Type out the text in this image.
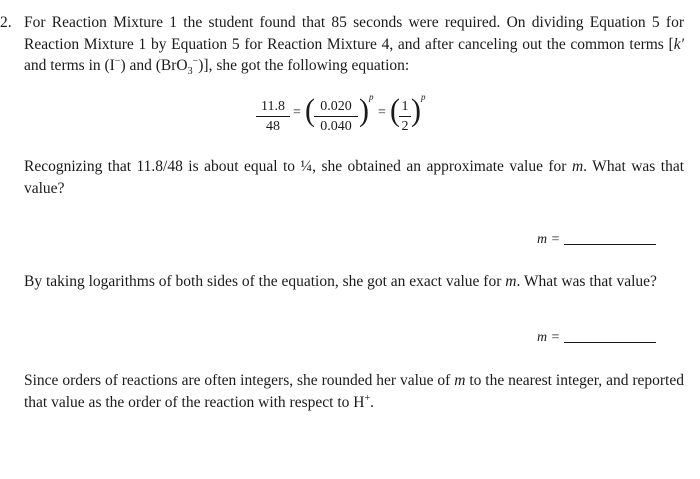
2. For Reaction Mixture 1 the student found that 85 seconds were required. On dividing Equation 5 for Reaction Mixture 1 by Equation 5 for Reaction Mixture 4, and after canceling out the common terms [k′ and terms in (I−) and (BrO$_3$−)], she got the following equation:
11.8
48
= ( 0.020
0.040 ) p
= ( 1
2 ) p
Recognizing that 11.8/48 is about equal to ¼, she obtained an approximate value for m. What was that value?
m =
By taking logarithms of both sides of the equation, she got an exact value for m. What was that value?
m =
Since orders of reactions are often integers, she rounded her value of m to the nearest integer, and reported that value as the order of the reaction with respect to H+.
